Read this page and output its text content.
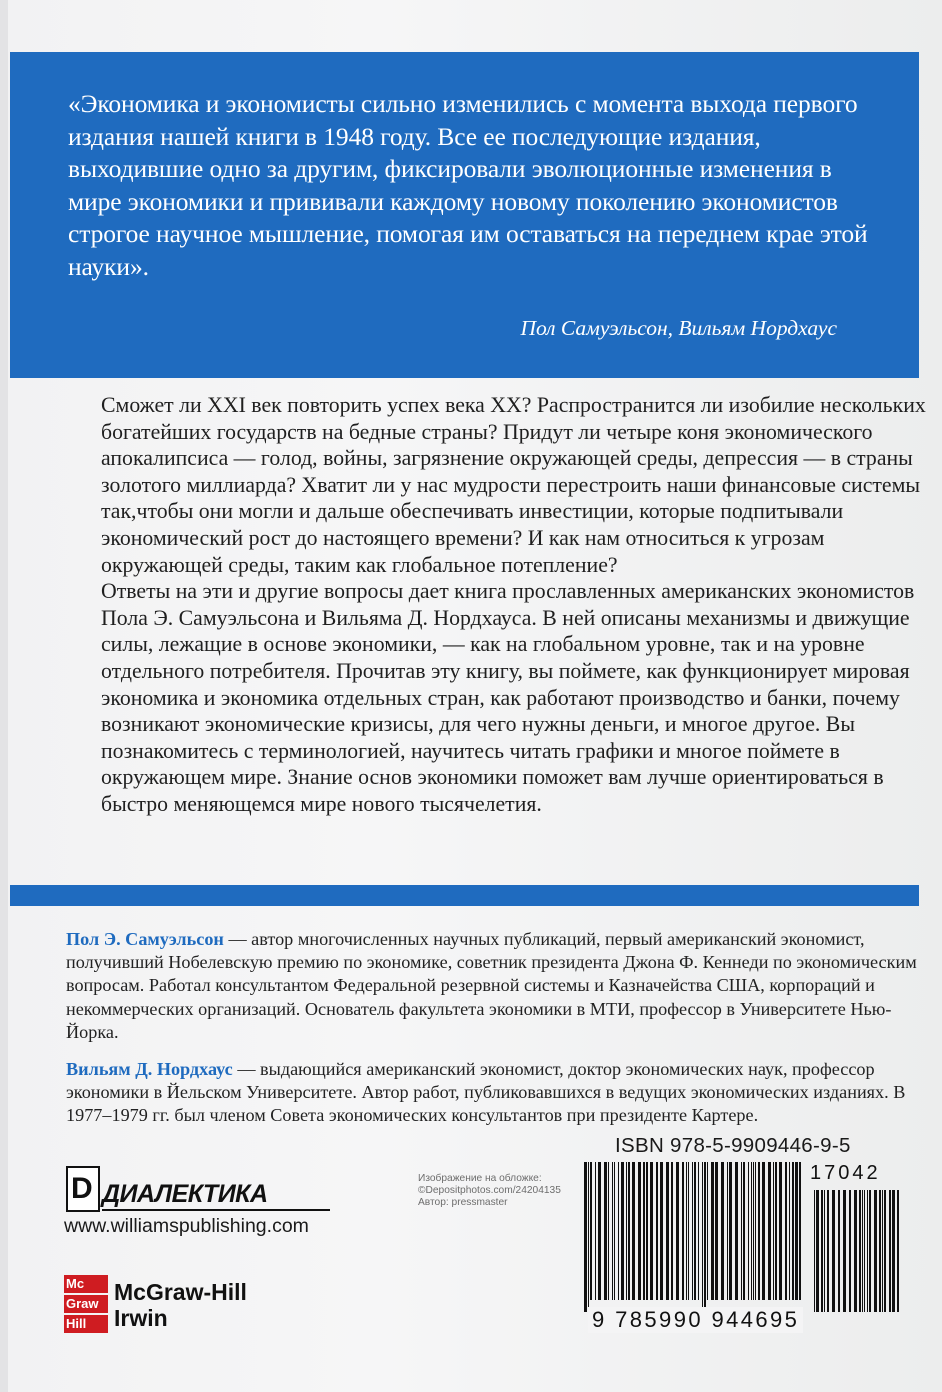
«Экономика и экономисты сильно изменились с момента выхода первого издания нашей книги в 1948 году. Все ее последующие издания, выходившие одно за другим, фиксировали эволюционные изменения в мире экономики и прививали каждому новому поколению экономистов строгое научное мышление, помогая им оставаться на переднем крае этой науки».
Пол Самуэльсон, Вильям Нордхаус

Сможет ли XXI век повторить успех века XX? Распространится ли изобилие нескольких богатейших государств на бедные страны? Придут ли четыре коня экономического апокалипсиса — голод, войны, загрязнение окружающей среды, депрессия — в страны золотого миллиарда? Хватит ли у нас мудрости перестроить наши финансовые системы так,чтобы они могли и дальше обеспечивать инвестиции, которые подпитывали экономический рост до настоящего времени? И как нам относиться к угрозам окружающей среды, таким как глобальное потепление?

Ответы на эти и другие вопросы дает книга прославленных американских экономистов Пола Э. Самуэльсона и Вильяма Д. Нордхауса. В ней описаны механизмы и движущие силы, лежащие в основе экономики, — как на глобальном уровне, так и на уровне отдельного потребителя. Прочитав эту книгу, вы поймете, как функционирует мировая экономика и экономика отдельных стран, как работают производство и банки, почему возникают экономические кризисы, для чего нужны деньги, и многое другое. Вы познакомитесь с терминологией, научитесь читать графики и многое поймете в окружающем мире. Знание основ экономики поможет вам лучше ориентироваться в быстро меняющемся мире нового тысячелетия.

Пол Э. Самуэльсон — автор многочисленных научных публикаций, первый американский экономист, получивший Нобелевскую премию по экономике, советник президента Джона Ф. Кеннеди по экономическим вопросам. Работал консультантом Федеральной резервной системы и Казначейства США, корпораций и некоммерческих организаций. Основатель факультета экономики в МТИ, профессор в Университете Нью-Йорка.

Вильям Д. Нордхаус — выдающийся американский экономист, доктор экономических наук, профессор экономики в Йельском Университете. Автор работ, публиковавшихся в ведущих экономических изданиях. В 1977–1979 гг. был членом Совета экономических консультантов при президенте Картере.

D ДИАЛЕКТИКА
www.williamspublishing.com
Mc
Graw
Hill
McGraw-Hill
Irwin
Изображение на обложке:
©Depositphotos.com/24204135
Автор: pressmaster
ISBN 978-5-9909446-9-5
17042
9 785990 944695
